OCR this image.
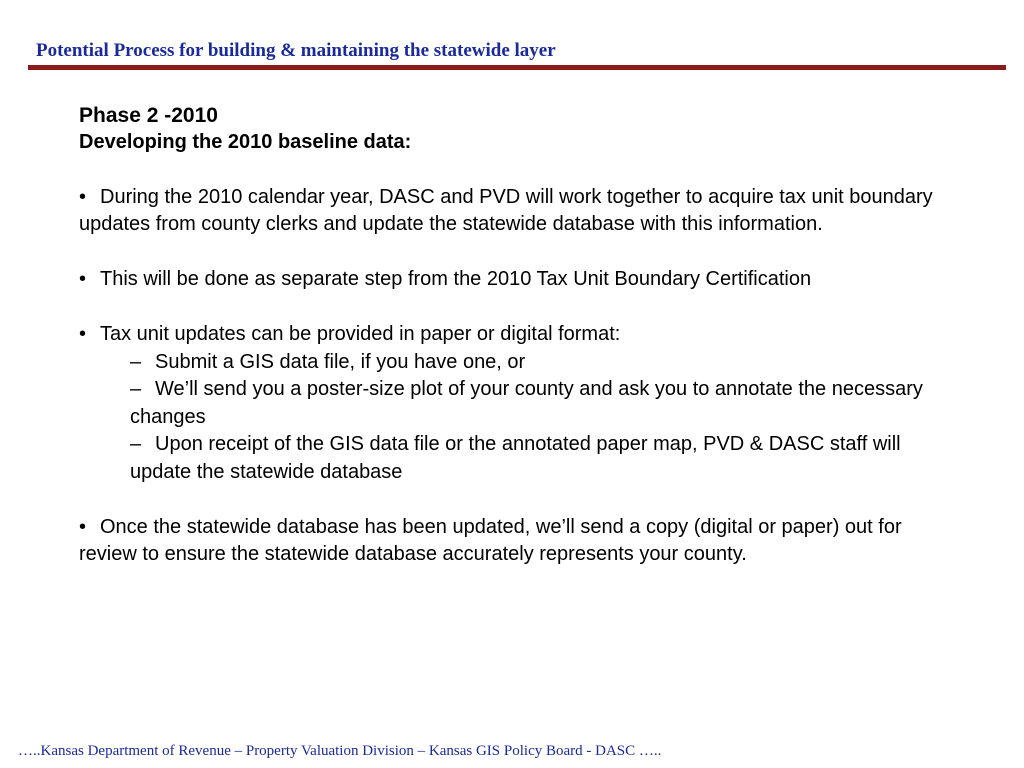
Potential Process for building & maintaining the statewide layer

Phase 2 -2010

Developing the 2010 baseline data:

• During the 2010 calendar year, DASC and PVD will work together to acquire tax unit boundary updates from county clerks and update the statewide database with this information.

• This will be done as separate step from the 2010 Tax Unit Boundary Certification

• Tax unit updates can be provided in paper or digital format:

– Submit a GIS data file, if you have one, or

– We’ll send you a poster-size plot of your county and ask you to annotate the necessary changes

– Upon receipt of the GIS data file or the annotated paper map, PVD & DASC staff will update the statewide database

• Once the statewide database has been updated, we’ll send a copy (digital or paper) out for review to ensure the statewide database accurately represents your county.

…..Kansas Department of Revenue – Property Valuation Division – Kansas GIS Policy Board - DASC …..
